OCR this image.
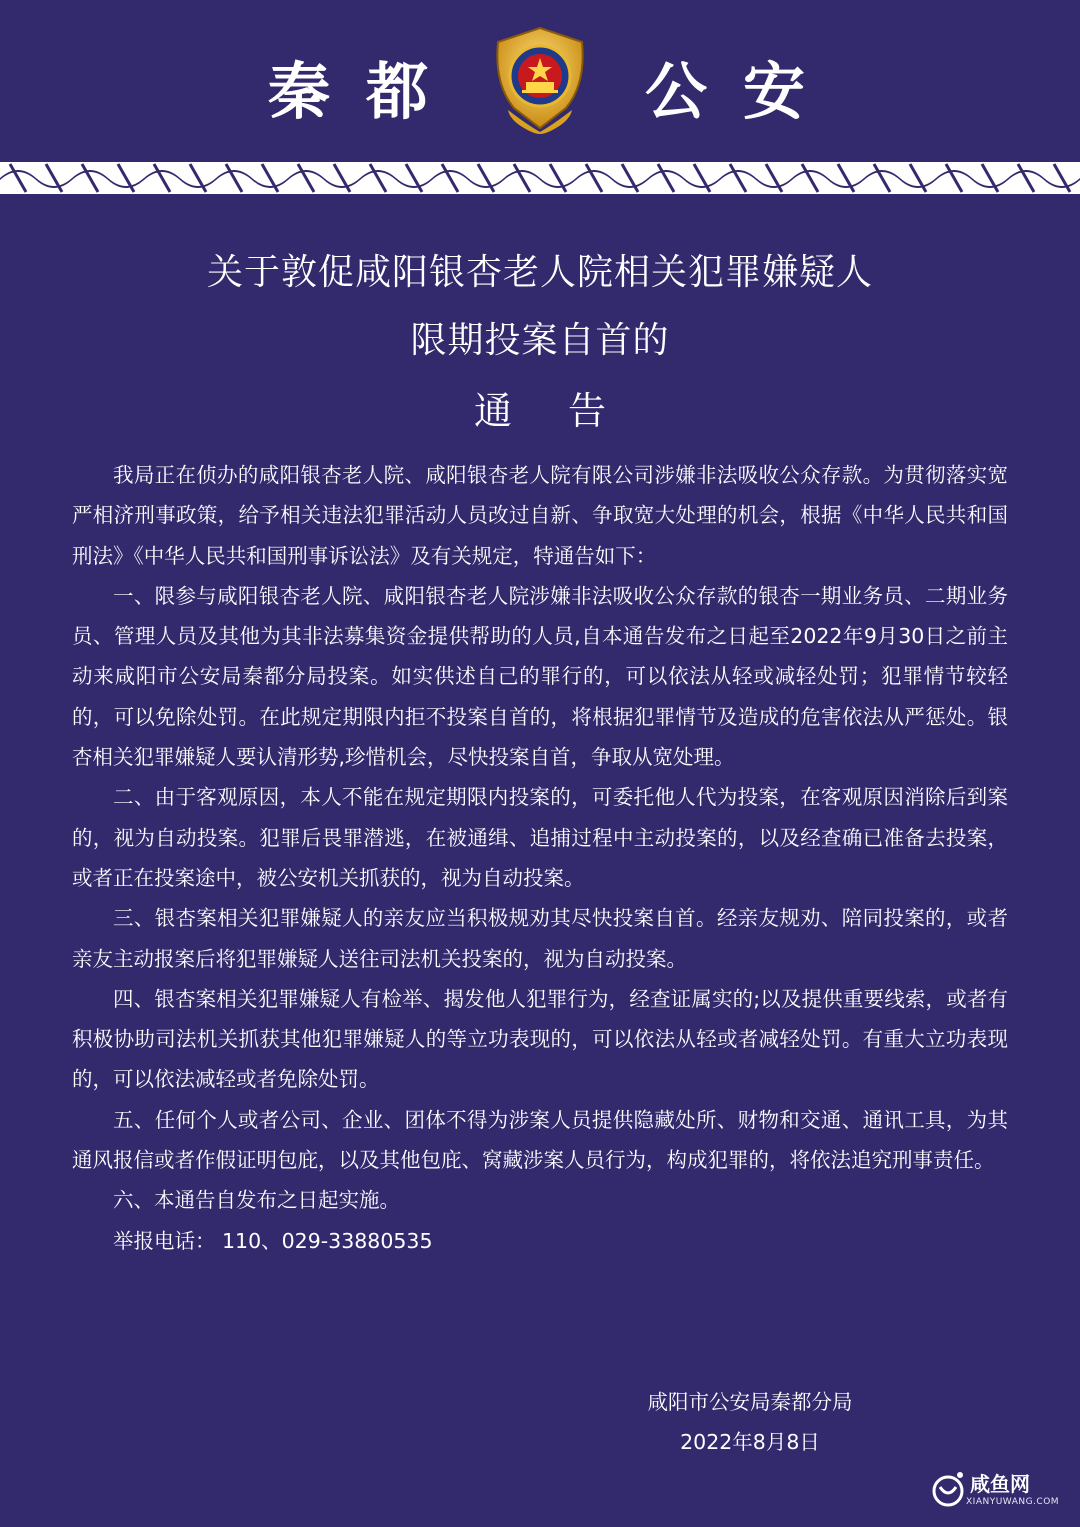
秦都	公安
关于敦促咸阳银杏老人院相关犯罪嫌疑人
限期投案自首的
通告

我局正在侦办的咸阳银杏老人院、咸阳银杏老人院有限公司涉嫌非法吸收公众存款。为贯彻落实宽严相济刑事政策，给予相关违法犯罪活动人员改过自新、争取宽大处理的机会，根据《中华人民共和国刑法》《中华人民共和国刑事诉讼法》及有关规定，特通告如下：

一、限参与咸阳银杏老人院、咸阳银杏老人院涉嫌非法吸收公众存款的银杏一期业务员、二期业务员、管理人员及其他为其非法募集资金提供帮助的人员,自本通告发布之日起至2022年9月30日之前主动来咸阳市公安局秦都分局投案。如实供述自己的罪行的，可以依法从轻或减轻处罚；犯罪情节较轻的，可以免除处罚。在此规定期限内拒不投案自首的，将根据犯罪情节及造成的危害依法从严惩处。银杏相关犯罪嫌疑人要认清形势,珍惜机会，尽快投案自首，争取从宽处理。

二、由于客观原因，本人不能在规定期限内投案的，可委托他人代为投案，在客观原因消除后到案的，视为自动投案。犯罪后畏罪潜逃，在被通缉、追捕过程中主动投案的，以及经查确已准备去投案，或者正在投案途中，被公安机关抓获的，视为自动投案。

三、银杏案相关犯罪嫌疑人的亲友应当积极规劝其尽快投案自首。经亲友规劝、陪同投案的，或者亲友主动报案后将犯罪嫌疑人送往司法机关投案的，视为自动投案。

四、银杏案相关犯罪嫌疑人有检举、揭发他人犯罪行为，经查证属实的;以及提供重要线索，或者有积极协助司法机关抓获其他犯罪嫌疑人的等立功表现的，可以依法从轻或者减轻处罚。有重大立功表现的，可以依法减轻或者免除处罚。

五、任何个人或者公司、企业、团体不得为涉案人员提供隐藏处所、财物和交通、通讯工具，为其通风报信或者作假证明包庇，以及其他包庇、窝藏涉案人员行为，构成犯罪的，将依法追究刑事责任。

六、本通告自发布之日起实施。

举报电话： 110、029-33880535

咸阳市公安局秦都分局
2022年8月8日
咸鱼网
XIANYUWANG.COM
